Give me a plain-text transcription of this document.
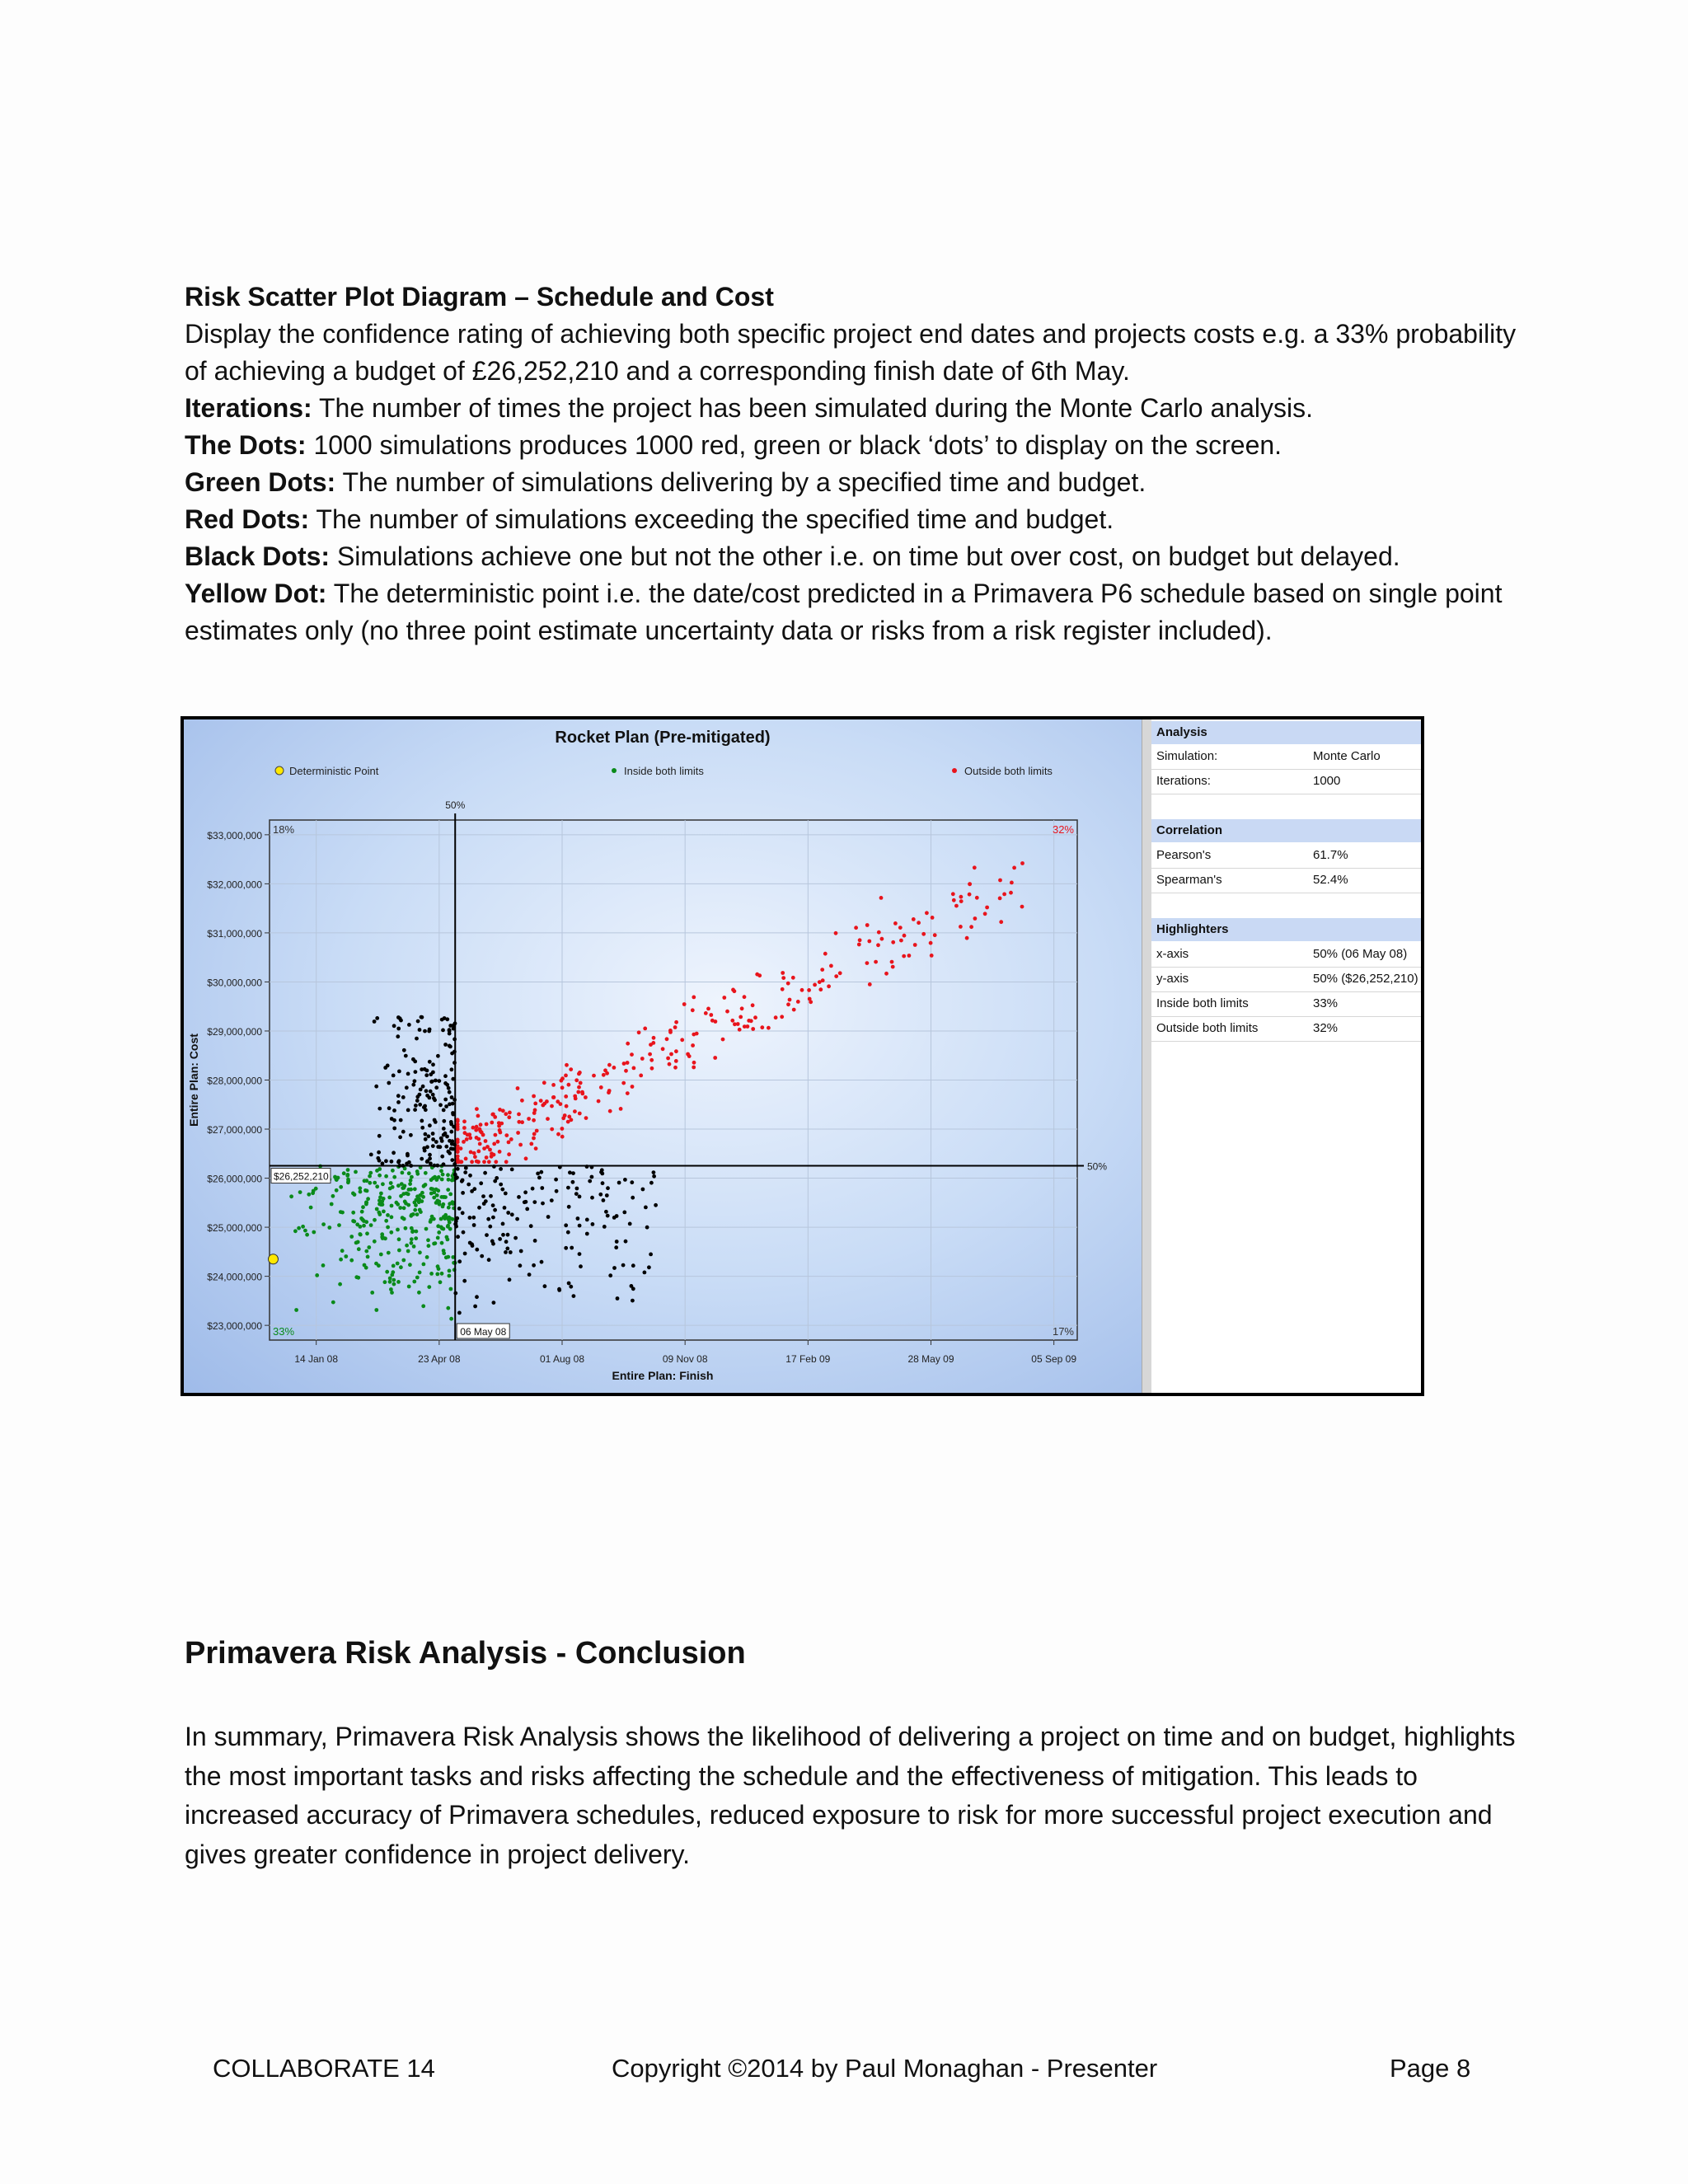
Risk Scatter Plot Diagram – Schedule and Cost

Display the confidence rating of achieving both specific project end dates and projects costs e.g. a 33% probability of achieving a budget of £26,252,210 and a corresponding finish date of 6th May.

Iterations: The number of times the project has been simulated during the Monte Carlo analysis.

The Dots: 1000 simulations produces 1000 red, green or black ‘dots’ to display on the screen.

Green Dots: The number of simulations delivering by a specified time and budget.

Red Dots: The number of simulations exceeding the specified time and budget.

Black Dots: Simulations achieve one but not the other i.e. on time but over cost, on budget but delayed.

Yellow Dot: The deterministic point i.e. the date/cost predicted in a Primavera P6 schedule based on single point estimates only (no three point estimate uncertainty data or risks from a risk register included).

Rocket Plan (Pre-mitigated)
Deterministic Point	Inside both limits	Outside both limits
$33,000,000
$32,000,000
$31,000,000
$30,000,000
$29,000,000
$28,000,000
$27,000,000
$26,000,000
$25,000,000
$24,000,000
$23,000,000
14 Jan 08	23 Apr 08	01 Aug 08	09 Nov 08	17 Feb 09	28 May 09	05 Sep 09
Entire Plan: Finish
Entire Plan: Cost
50%
50%
06 May 08
$26,252,210
18%	32%
33%	17%
Analysis
Simulation:	Monte Carlo
Iterations:	1000
Correlation
Pearson's	61.7%
Spearman's	52.4%
Highlighters
x-axis	50% (06 May 08)
y-axis	50% ($26,252,210)
Inside both limits	33%
Outside both limits	32%
Primavera Risk Analysis - Conclusion

In summary, Primavera Risk Analysis shows the likelihood of delivering a project on time and on budget, highlights the most important tasks and risks affecting the schedule and the effectiveness of mitigation. This leads to increased accuracy of Primavera schedules, reduced exposure to risk for more successful project execution and gives greater confidence in project delivery.

COLLABORATE 14	Copyright ©2014 by Paul Monaghan - Presenter	Page 8
